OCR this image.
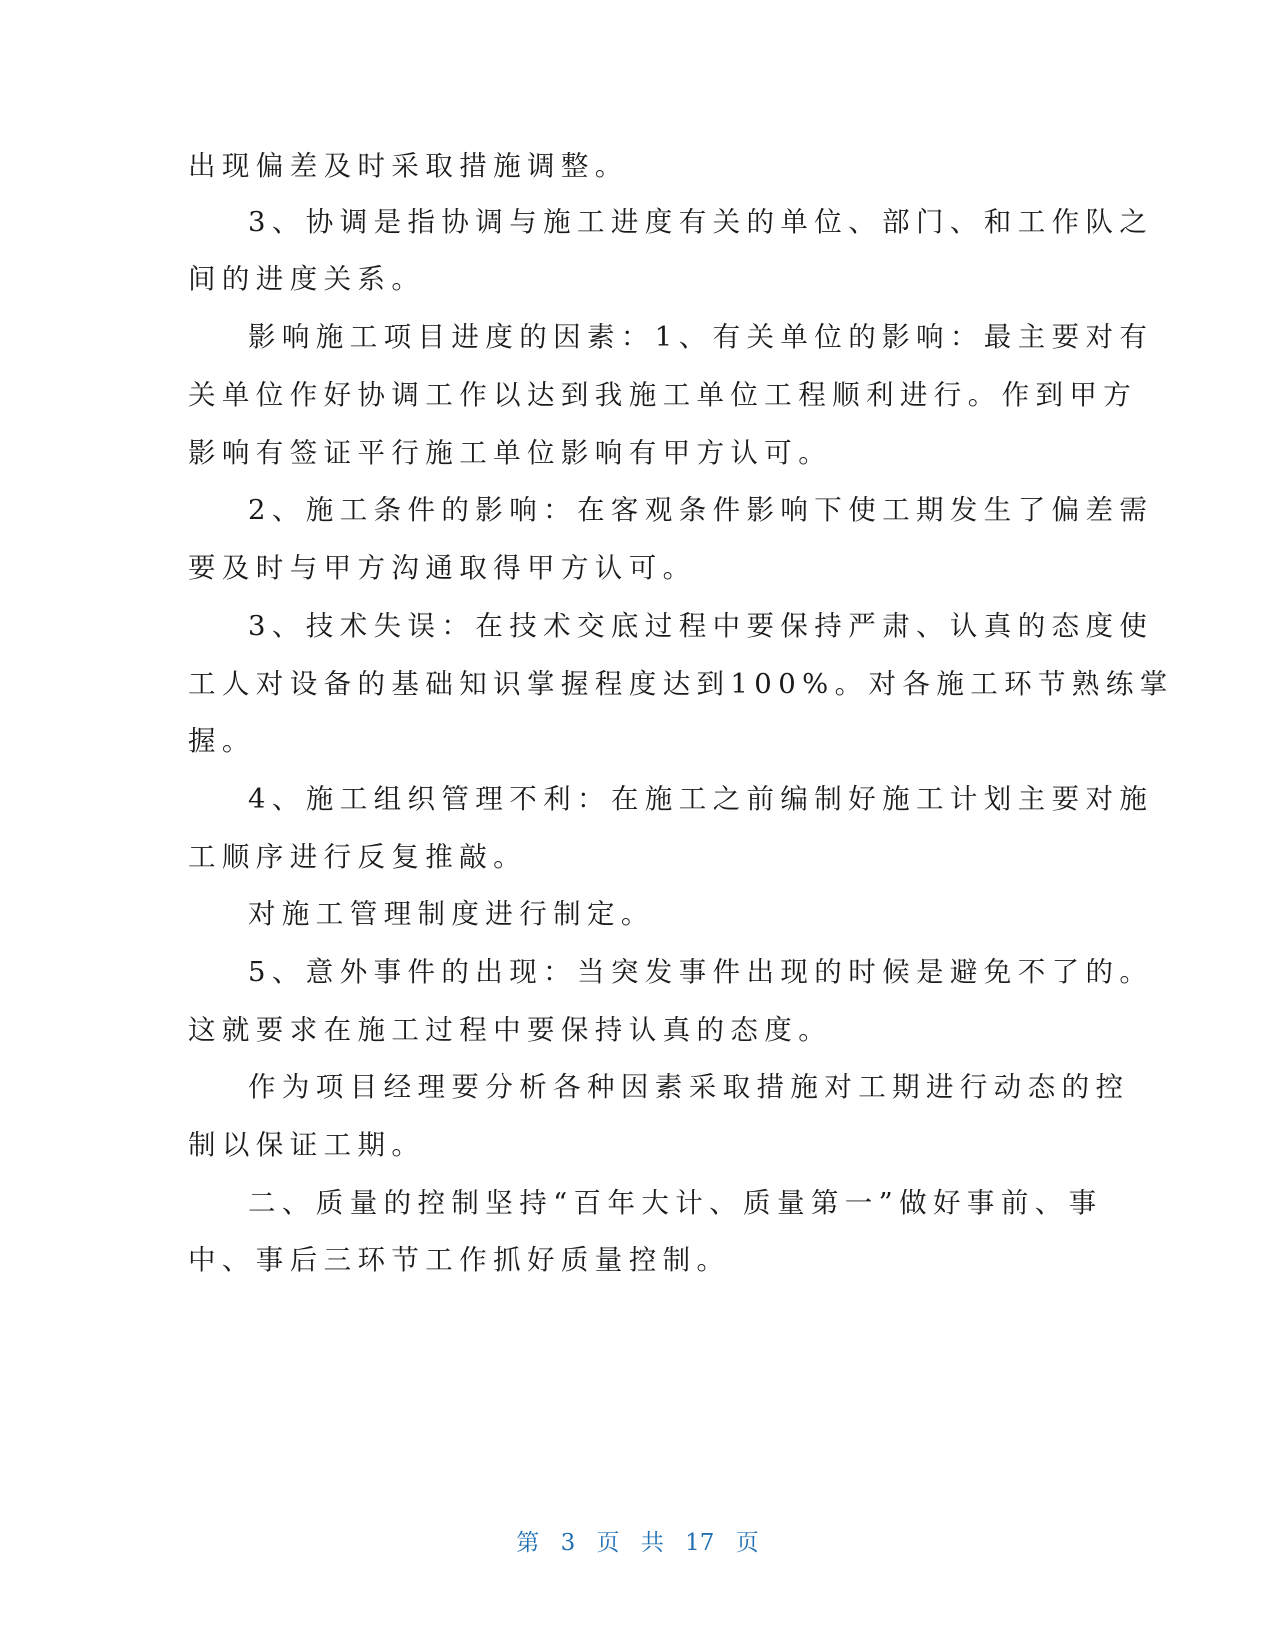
出现偏差及时采取措施调整。
3、协调是指协调与施工进度有关的单位、部门、和工作队之
间的进度关系。
影响施工项目进度的因素：1、有关单位的影响：最主要对有
关单位作好协调工作以达到我施工单位工程顺利进行。作到甲方
影响有签证平行施工单位影响有甲方认可。
2、施工条件的影响：在客观条件影响下使工期发生了偏差需
要及时与甲方沟通取得甲方认可。
3、技术失误：在技术交底过程中要保持严肃、认真的态度使
工人对设备的基础知识掌握程度达到100%。对各施工环节熟练掌
握。
4、施工组织管理不利：在施工之前编制好施工计划主要对施
工顺序进行反复推敲。
对施工管理制度进行制定。
5、意外事件的出现：当突发事件出现的时候是避免不了的。
这就要求在施工过程中要保持认真的态度。
作为项目经理要分析各种因素采取措施对工期进行动态的控
制以保证工期。
二、质量的控制坚持“百年大计、质量第一”做好事前、事
中、事后三环节工作抓好质量控制。
第 3 页 共 17 页
